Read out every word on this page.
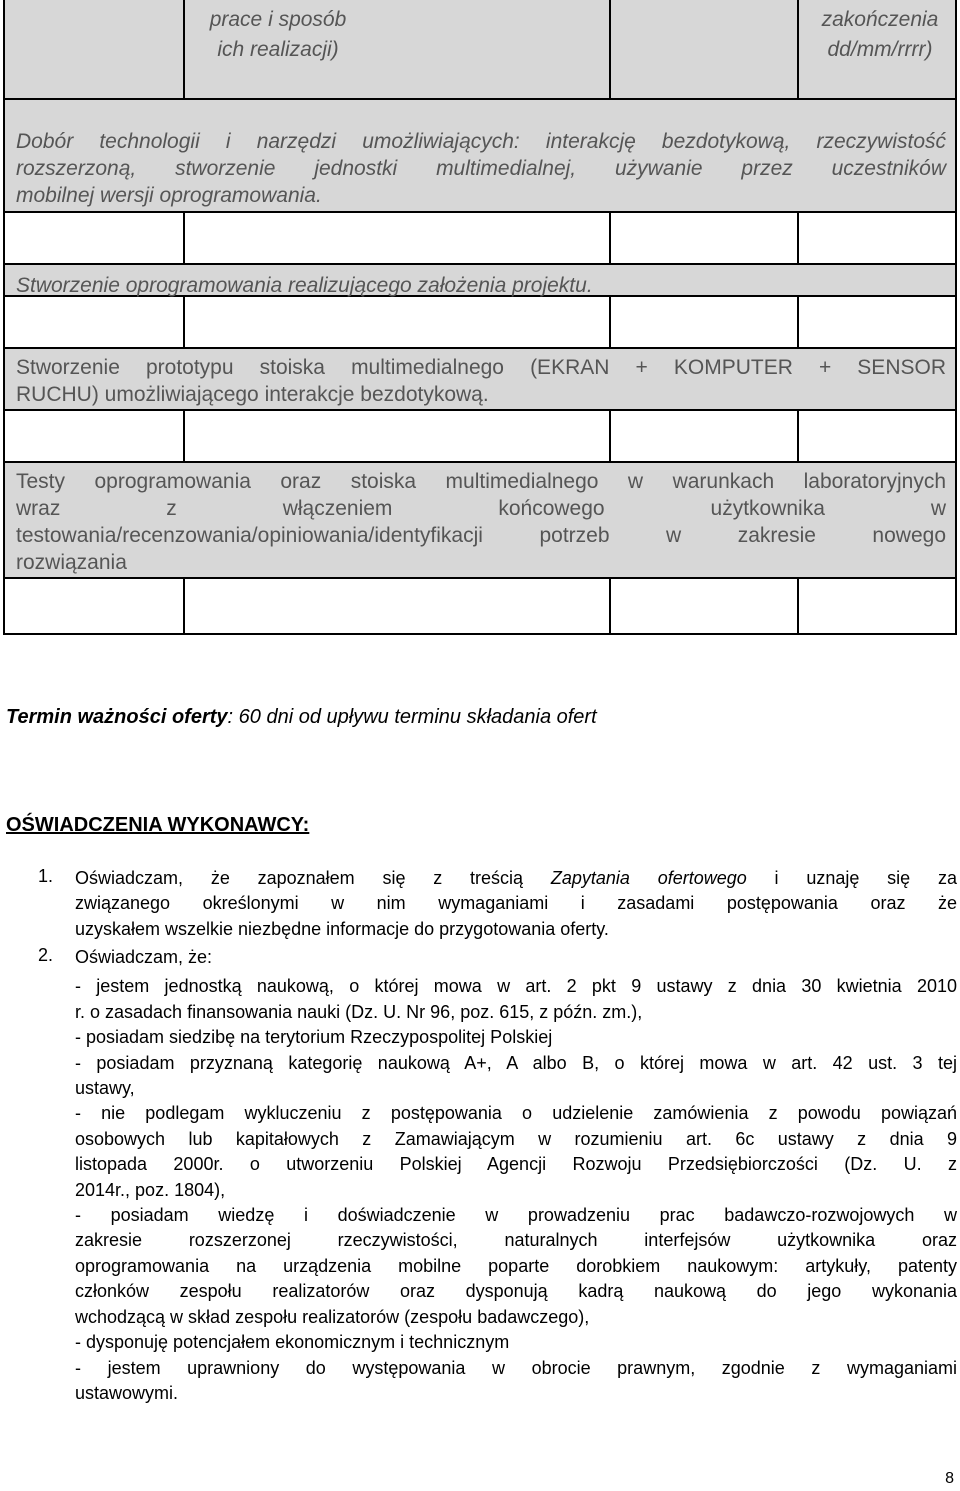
prace i sposób
ich realizacji)
zakończenia
dd/mm/rrrr)
Dobór technologii i narzędzi umożliwiających: interakcję bezdotykową, rzeczywistość
rozszerzoną, stworzenie jednostki multimedialnej, używanie przez uczestników
mobilnej wersji oprogramowania.
Stworzenie oprogramowania realizującego założenia projektu.
Stworzenie prototypu stoiska multimedialnego (EKRAN + KOMPUTER + SENSOR
RUCHU) umożliwiającego interakcje bezdotykową.
Testy oprogramowania oraz stoiska multimedialnego w warunkach laboratoryjnych
wraz z włączeniem końcowego użytkownika w
testowania/recenzowania/opiniowania/identyfikacji potrzeb w zakresie nowego
rozwiązania
Termin ważności oferty: 60 dni od upływu terminu składania ofert
OŚWIADCZENIA WYKONAWCY:
1. Oświadczam, że zapoznałem się z treścią Zapytania ofertowego i uznaję się za
związanego określonymi w nim wymaganiami i zasadami postępowania oraz że
uzyskałem wszelkie niezbędne informacje do przygotowania oferty.
2. Oświadczam, że:
- jestem jednostką naukową, o której mowa w art. 2 pkt 9 ustawy z dnia 30 kwietnia 2010
r. o zasadach finansowania nauki (Dz. U. Nr 96, poz. 615, z późn. zm.),
- posiadam siedzibę na terytorium Rzeczypospolitej Polskiej
- posiadam przyznaną kategorię naukową A+, A albo B, o której mowa w art. 42 ust. 3 tej
ustawy,
- nie podlegam wykluczeniu z postępowania o udzielenie zamówienia z powodu powiązań
osobowych lub kapitałowych z Zamawiającym w rozumieniu art. 6c ustawy z dnia 9
listopada 2000r. o utworzeniu Polskiej Agencji Rozwoju Przedsiębiorczości (Dz. U. z
2014r., poz. 1804),
- posiadam wiedzę i doświadczenie w prowadzeniu prac badawczo-rozwojowych w
zakresie rozszerzonej rzeczywistości, naturalnych interfejsów użytkownika oraz
oprogramowania na urządzenia mobilne poparte dorobkiem naukowym: artykuły, patenty
członków zespołu realizatorów oraz dysponują kadrą naukową do jego wykonania
wchodzącą w skład zespołu realizatorów (zespołu badawczego),
- dysponuję potencjałem ekonomicznym i technicznym
- jestem uprawniony do występowania w obrocie prawnym, zgodnie z wymaganiami
ustawowymi.
8
